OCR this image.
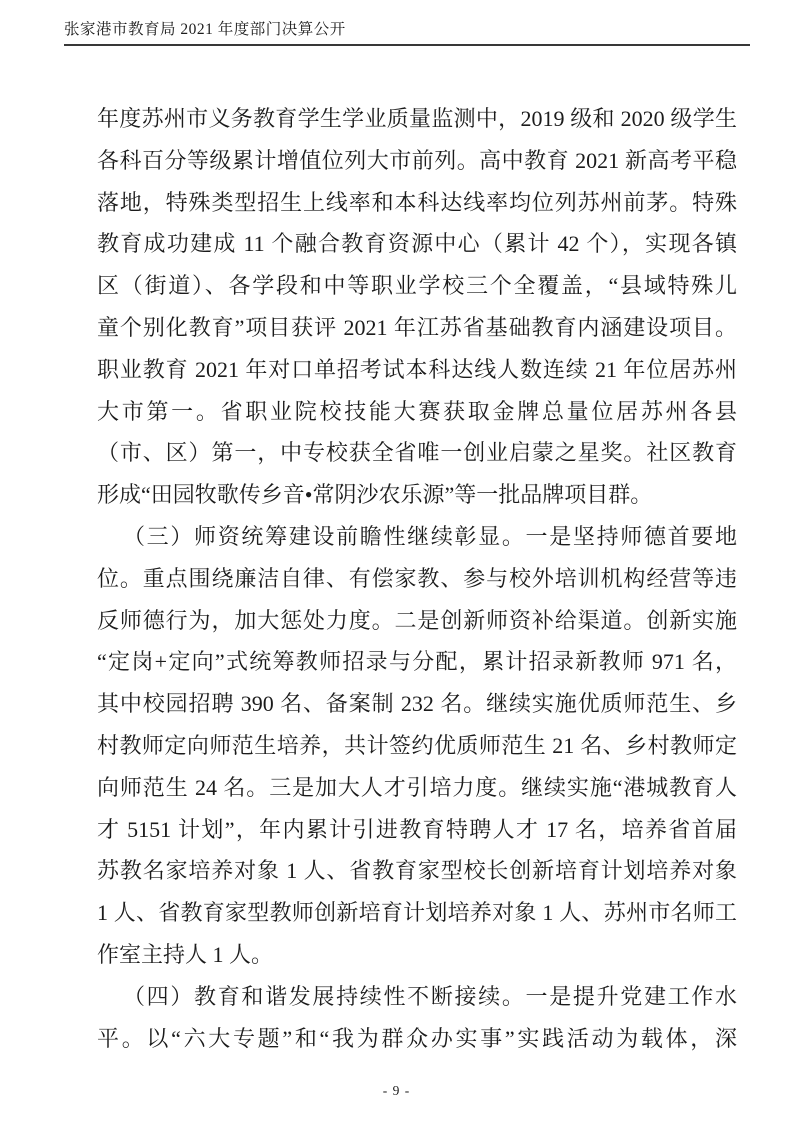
张家港市教育局 2021 年度部门决算公开
年度苏州市义务教育学生学业质量监测中，2019 级和 2020 级学生
各科百分等级累计增值位列大市前列。高中教育 2021 新高考平稳
落地，特殊类型招生上线率和本科达线率均位列苏州前茅。特殊
教育成功建成 11 个融合教育资源中心（累计 42 个），实现各镇
区（街道）、各学段和中等职业学校三个全覆盖，“县域特殊儿
童个别化教育”项目获评 2021 年江苏省基础教育内涵建设项目。
职业教育 2021 年对口单招考试本科达线人数连续 21 年位居苏州
大市第一。省职业院校技能大赛获取金牌总量位居苏州各县
（市、区）第一，中专校获全省唯一创业启蒙之星奖。社区教育
形成“田园牧歌传乡音•常阴沙农乐源”等一批品牌项目群。
（三）师资统筹建设前瞻性继续彰显。一是坚持师德首要地
位。重点围绕廉洁自律、有偿家教、参与校外培训机构经营等违
反师德行为，加大惩处力度。二是创新师资补给渠道。创新实施
“定岗+定向”式统筹教师招录与分配，累计招录新教师 971 名，
其中校园招聘 390 名、备案制 232 名。继续实施优质师范生、乡
村教师定向师范生培养，共计签约优质师范生 21 名、乡村教师定
向师范生 24 名。三是加大人才引培力度。继续实施“港城教育人
才 5151 计划”，年内累计引进教育特聘人才 17 名，培养省首届
苏教名家培养对象 1 人、省教育家型校长创新培育计划培养对象
1 人、省教育家型教师创新培育计划培养对象 1 人、苏州市名师工
作室主持人 1 人。
（四）教育和谐发展持续性不断接续。一是提升党建工作水
平。以“六大专题”和“我为群众办实事”实践活动为载体，深
- 9 -
